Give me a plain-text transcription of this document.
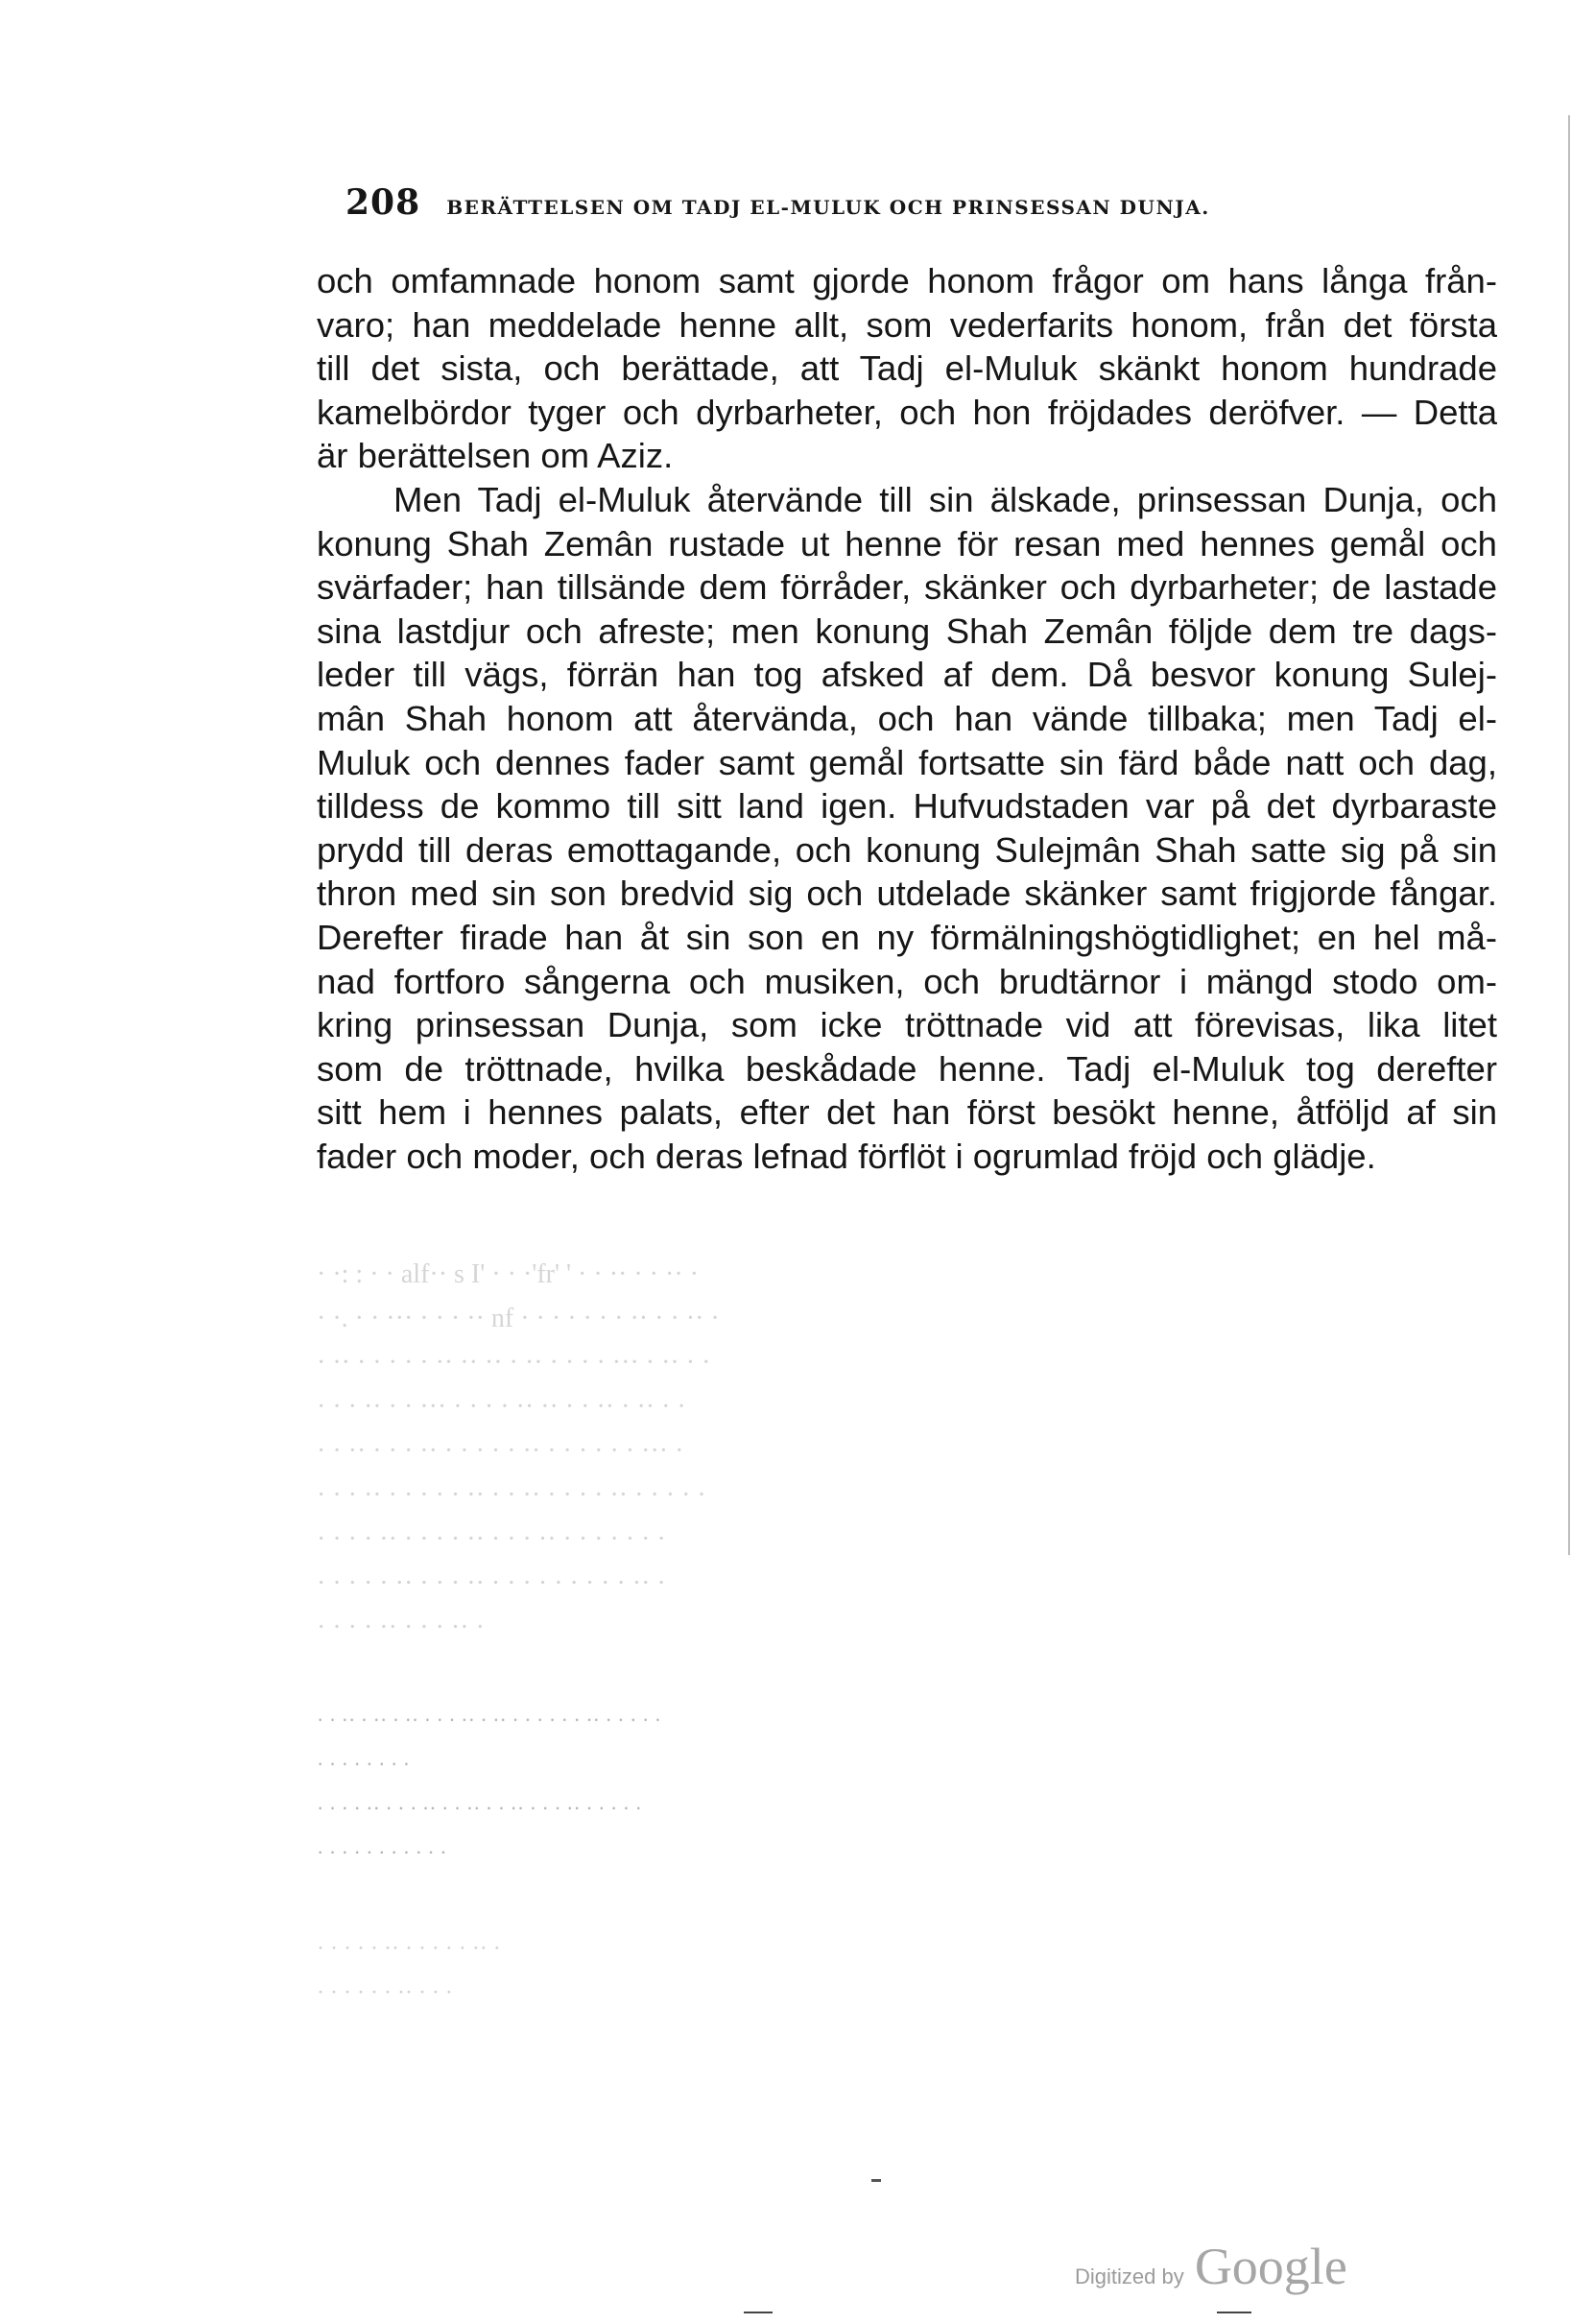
208 BERÄTTELSEN OM TADJ EL-MULUK OCH PRINSESSAN DUNJA.
och omfamnade honom samt gjorde honom frågor om hans långa från-
varo; han meddelade henne allt, som vederfarits honom, från det första
till det sista, och berättade, att Tadj el-Muluk skänkt honom hundrade
kamelbördor tyger och dyrbarheter, och hon fröjdades deröfver. — Detta
är berättelsen om Aziz.
Men Tadj el-Muluk återvände till sin älskade, prinsessan Dunja, och
konung Shah Zemân rustade ut henne för resan med hennes gemål och
svärfader; han tillsände dem förråder, skänker och dyrbarheter; de lastade
sina lastdjur och afreste; men konung Shah Zemân följde dem tre dags-
leder till vägs, förrän han tog afsked af dem. Då besvor konung Sulej-
mân Shah honom att återvända, och han vände tillbaka; men Tadj el-
Muluk och dennes fader samt gemål fortsatte sin färd både natt och dag,
tilldess de kommo till sitt land igen. Hufvudstaden var på det dyrbaraste
prydd till deras emottagande, och konung Sulejmân Shah satte sig på sin
thron med sin son bredvid sig och utdelade skänker samt frigjorde fångar.
Derefter firade han åt sin son en ny förmälningshögtidlighet; en hel må-
nad fortforo sångerna och musiken, och brudtärnor i mängd stodo om-
kring prinsessan Dunja, som icke tröttnade vid att förevisas, lika litet
som de tröttnade, hvilka beskådade henne. Tadj el-Muluk tog derefter
sitt hem i hennes palats, efter det han först besökt henne, åtföljd af sin
fader och moder, och deras lefnad förflöt i ogrumlad fröjd och glädje.
· ·: : · · alf·· s I' · · ·'fr' ' · · ·· · · ·· ·
· ·. · · ··· · · · ·· nf · · · · · · · ·· · · ·· ·
· ·· · · · · · ·· ·· ·· · ·· · · · · ··· · ·· · ·
· · · ·· · · ··· · · · · ·· ·· · · ·· · ·· · ·
· · ·· · · · ·· · · · · · ·· · · · · · · ··· ·
· · · ·· · · · · · ·· · · ·· · · · · ·· · · · · ·
· · · · ·· · · · · ·· · · · ·· · · · · · · ·
· · · · · ·· · · · ·· · · · · · · · · · ·· ·
· · · · ·· · · · ·· ·
· · ·· · ·· · ·· · · · ·· · ·· · · · · · · ·· · · · · ·
· · · · · · · ·
· · · · ·· · · · ·· · · ·· · · ·· · · · ·· · · · · ·
· · · · · · · · · · ·
· · · · · ·· · · · · · ·· ·
· · · · · · ·· · · ·
Digitized by Google
